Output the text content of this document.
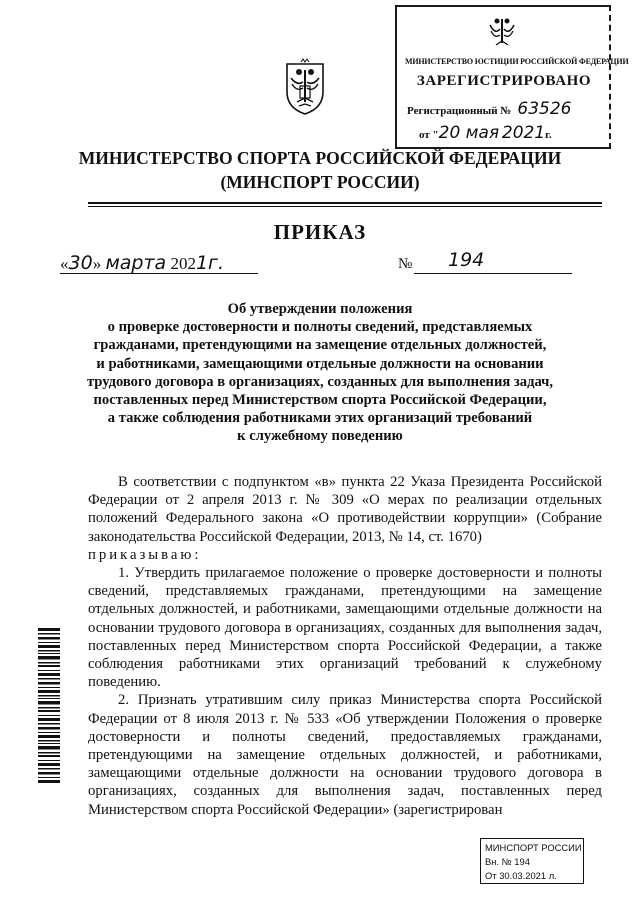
МИНИСТЕРСТВО ЮСТИЦИИ РОССИЙСКОЙ ФЕДЕРАЦИИ
ЗАРЕГИСТРИРОВАНО
Регистрационный № 63526
от "20 мая 2021г.
МИНИСТЕРСТВО СПОРТА РОССИЙСКОЙ ФЕДЕРАЦИИ
(МИНСПОРТ РОССИИ)
ПРИКАЗ
«30» марта 2021г.	№ 194
Об утверждении положения
о проверке достоверности и полноты сведений, представляемых
гражданами, претендующими на замещение отдельных должностей,
и работниками, замещающими отдельные должности на основании
трудового договора в организациях, созданных для выполнения задач,
поставленных перед Министерством спорта Российской Федерации,
а также соблюдения работниками этих организаций требований
к служебному поведению

В соответствии с подпунктом «в» пункта 22 Указа Президента Российской Федерации от 2 апреля 2013 г. № 309 «О мерах по реализации отдельных положений Федерального закона «О противодействии коррупции» (Собрание законодательства Российской Федерации, 2013, № 14, ст. 1670)

приказываю:

1. Утвердить прилагаемое положение о проверке достоверности и полноты сведений, представляемых гражданами, претендующими на замещение отдельных должностей, и работниками, замещающими отдельные должности на основании трудового договора в организациях, созданных для выполнения задач, поставленных перед Министерством спорта Российской Федерации, а также соблюдения работниками этих организаций требований к служебному поведению.

2. Признать утратившим силу приказ Министерства спорта Российской Федерации от 8 июля 2013 г. № 533 «Об утверждении Положения о проверке достоверности и полноты сведений, предоставляемых гражданами, претендующими на замещение отдельных должностей, и работниками, замещающими отдельные должности на основании трудового договора в организациях, созданных для выполнения задач, поставленных перед Министерством спорта Российской Федерации» (зарегистрирован

МИНСПОРТ РОССИИ
Вн. № 194
От 30.03.2021 л.
